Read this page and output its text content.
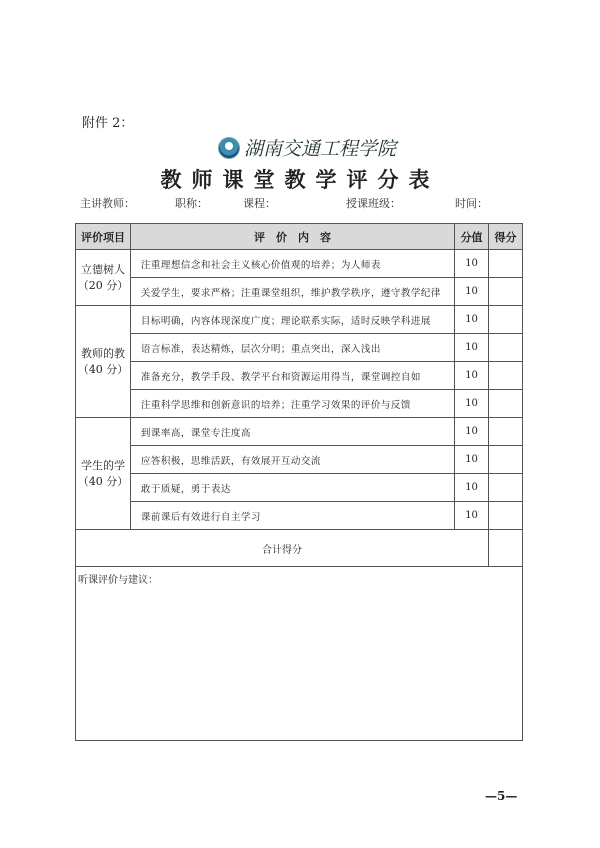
附件 2：
湖南交通工程学院
教师课堂教学评分表
主讲教师：	职称：	课程：	授课班级：	时间：
评价项目	评　价　内　容	分值	得分
立德树人
（20 分）	注重理想信念和社会主义核心价值观的培养；为人师表	10	
	关爱学生，要求严格；注重课堂组织，维护教学秩序，遵守教学纪律	10	
教师的教
（40 分）	目标明确，内容体现深度广度；理论联系实际，适时反映学科进展	10	
	语言标准，表达精炼，层次分明；重点突出，深入浅出	10	
	准备充分，教学手段、教学平台和资源运用得当，课堂调控自如	10	
	注重科学思维和创新意识的培养；注重学习效果的评价与反馈	10	
学生的学
（40 分）	到课率高，课堂专注度高	10	
	应答积极，思维活跃，有效展开互动交流	10	
	敢于质疑，勇于表达	10	
	课前课后有效进行自主学习	10	
合计得分			
听课评价与建议：			
—5—
